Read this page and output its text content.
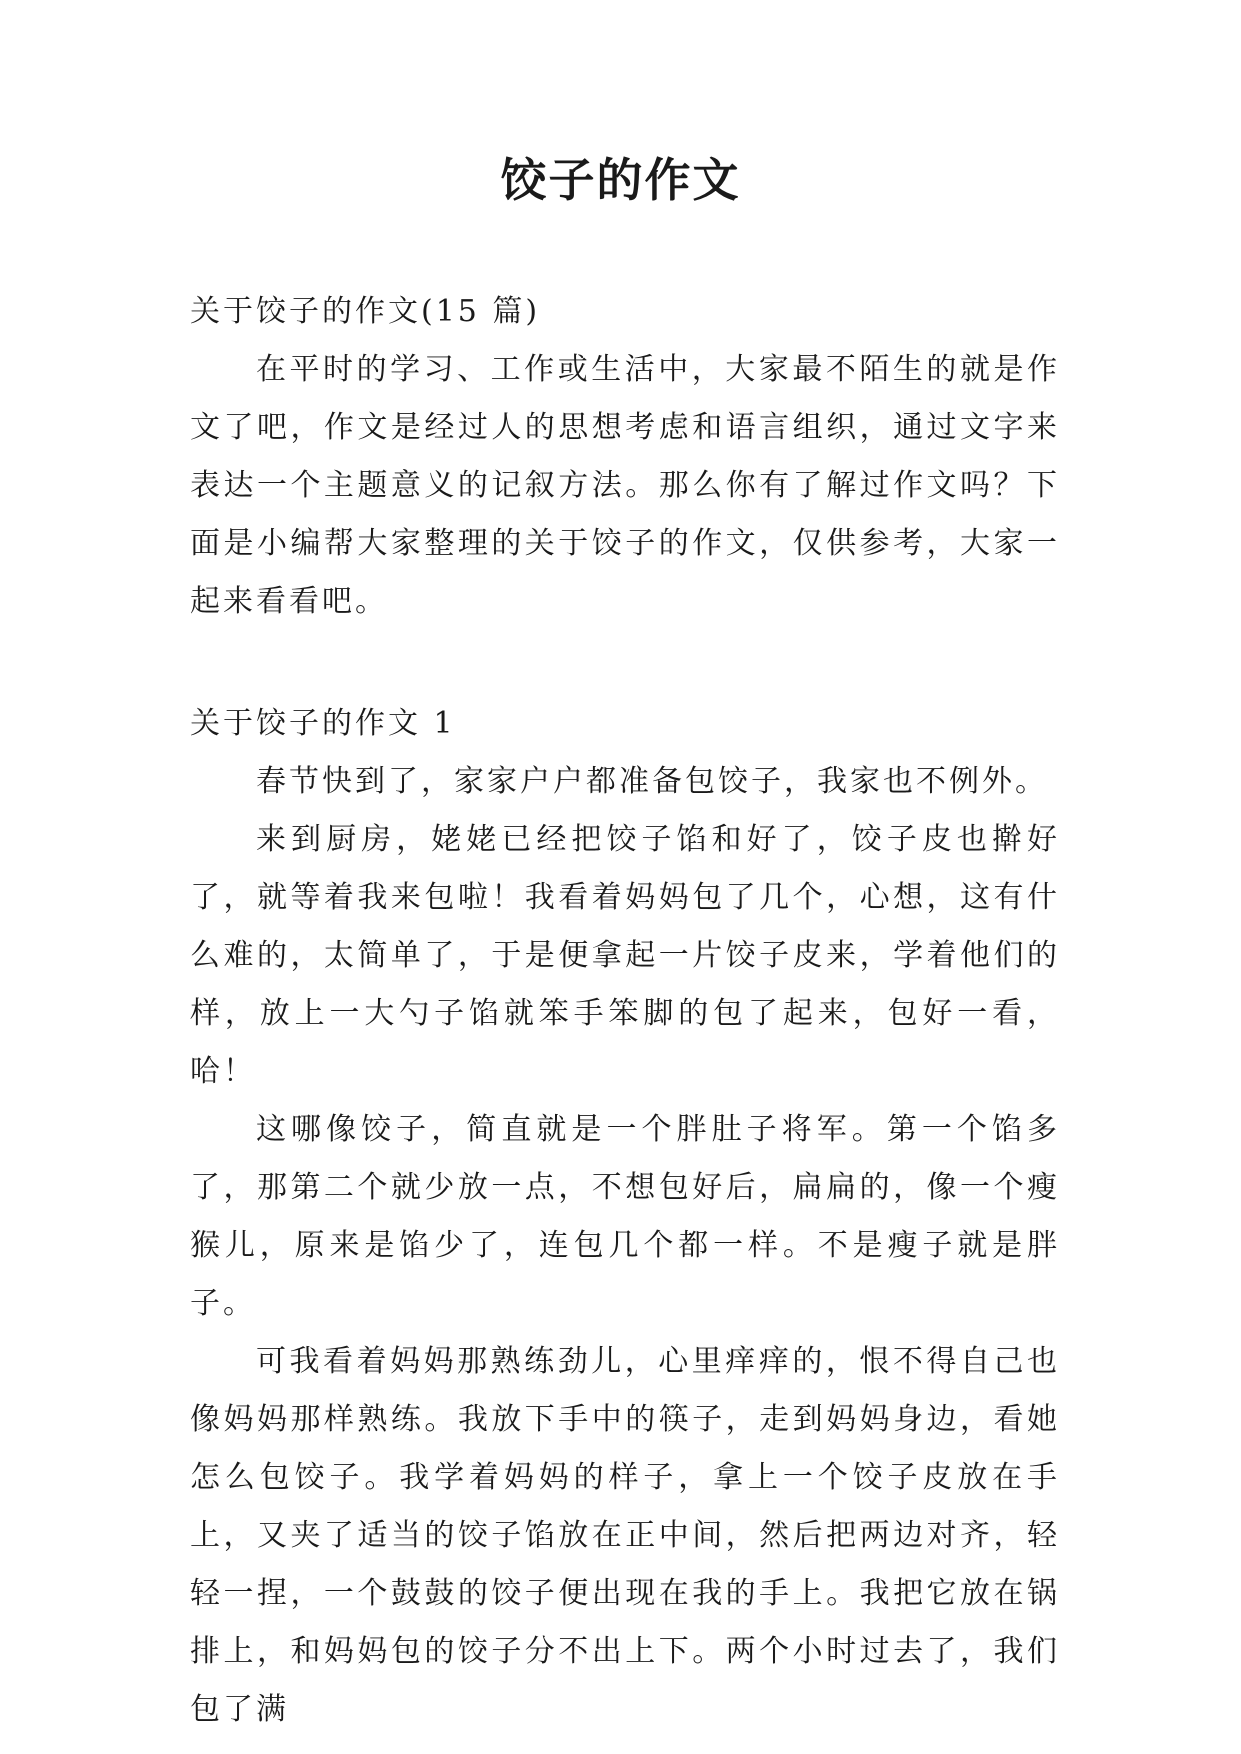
饺子的作文

关于饺子的作文(15 篇)

在平时的学习、工作或生活中，大家最不陌生的就是作文了吧，作文是经过人的思想考虑和语言组织，通过文字来表达一个主题意义的记叙方法。那么你有了解过作文吗？下面是小编帮大家整理的关于饺子的作文，仅供参考，大家一起来看看吧。

关于饺子的作文 1

春节快到了，家家户户都准备包饺子，我家也不例外。

来到厨房，姥姥已经把饺子馅和好了，饺子皮也擀好了，就等着我来包啦！我看着妈妈包了几个，心想，这有什么难的，太简单了，于是便拿起一片饺子皮来，学着他们的样，放上一大勺子馅就笨手笨脚的包了起来，包好一看，哈！

这哪像饺子，简直就是一个胖肚子将军。第一个馅多了，那第二个就少放一点，不想包好后，扁扁的，像一个瘦猴儿，原来是馅少了，连包几个都一样。不是瘦子就是胖子。

可我看着妈妈那熟练劲儿，心里痒痒的，恨不得自己也像妈妈那样熟练。我放下手中的筷子，走到妈妈身边，看她怎么包饺子。我学着妈妈的样子，拿上一个饺子皮放在手上，又夹了适当的饺子馅放在正中间，然后把两边对齐，轻轻一捏，一个鼓鼓的饺子便出现在我的手上。我把它放在锅排上，和妈妈包的饺子分不出上下。两个小时过去了，我们包了满
